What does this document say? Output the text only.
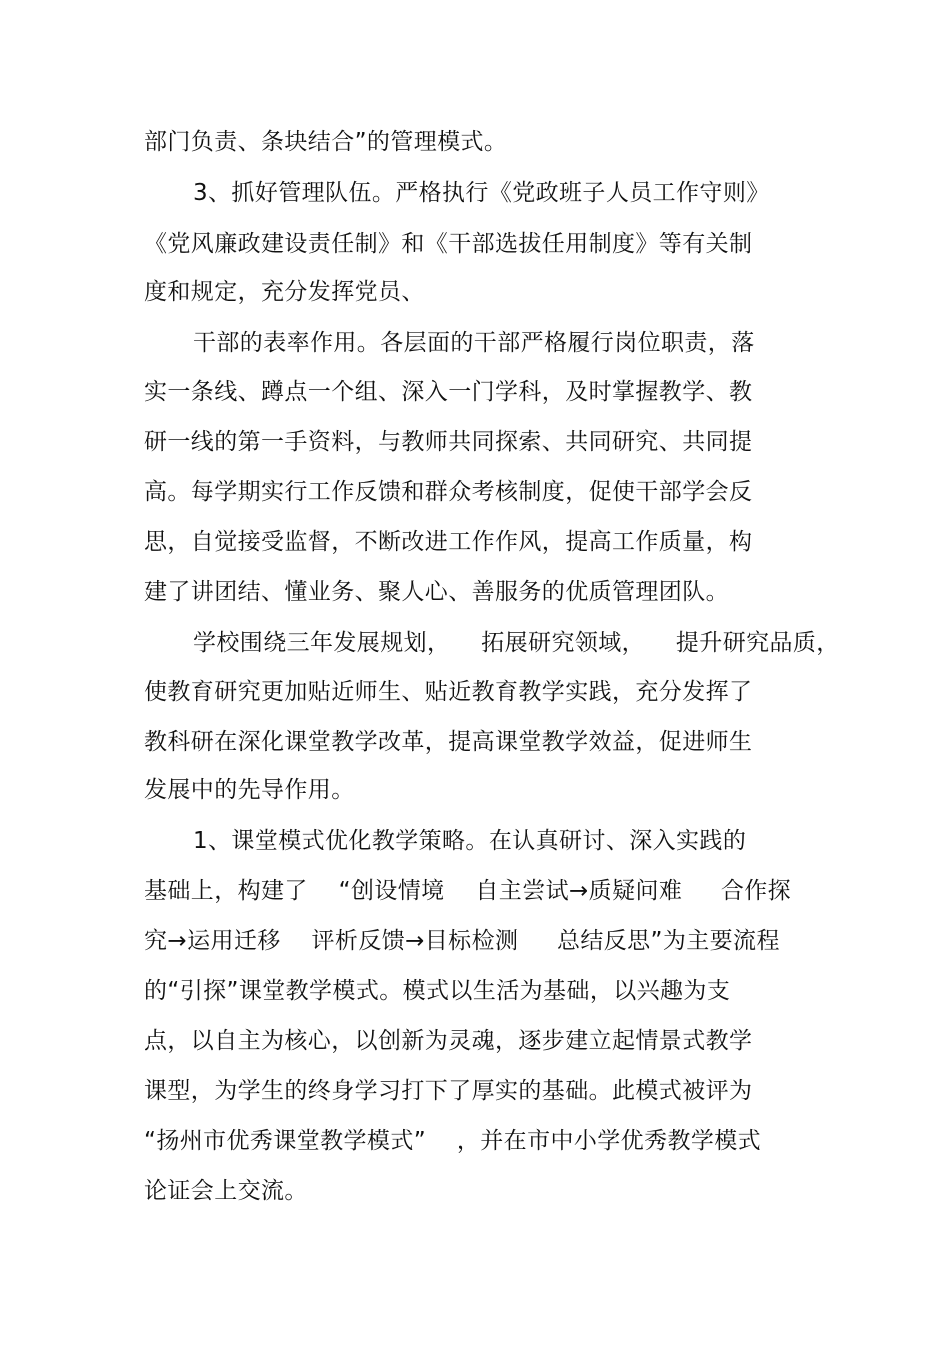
部门负责、条块结合”的管理模式。
3、抓好管理队伍。严格执行《党政班子人员工作守则》
《党风廉政建设责任制》和《干部选拔任用制度》等有关制
度和规定，充分发挥党员、
干部的表率作用。各层面的干部严格履行岗位职责，落
实一条线、蹲点一个组、深入一门学科，及时掌握教学、教
研一线的第一手资料，与教师共同探索、共同研究、共同提
高。每学期实行工作反馈和群众考核制度，促使干部学会反
思，自觉接受监督，不断改进工作作风，提高工作质量，构
建了讲团结、懂业务、聚人心、善服务的优质管理团队。
学校围绕三年发展规划，    拓展研究领域，    提升研究品质，
使教育研究更加贴近师生、贴近教育教学实践，充分发挥了
教科研在深化课堂教学改革，提高课堂教学效益，促进师生
发展中的先导作用。
1、课堂模式优化教学策略。在认真研讨、深入实践的
基础上，构建了    “创设情境    自主尝试→质疑问难     合作探
究→运用迁移    评析反馈→目标检测     总结反思”为主要流程
的“引探”课堂教学模式。模式以生活为基础，以兴趣为支
点，以自主为核心，以创新为灵魂，逐步建立起情景式教学
课型，为学生的终身学习打下了厚实的基础。此模式被评为
“扬州市优秀课堂教学模式”    ，并在市中小学优秀教学模式
论证会上交流。
